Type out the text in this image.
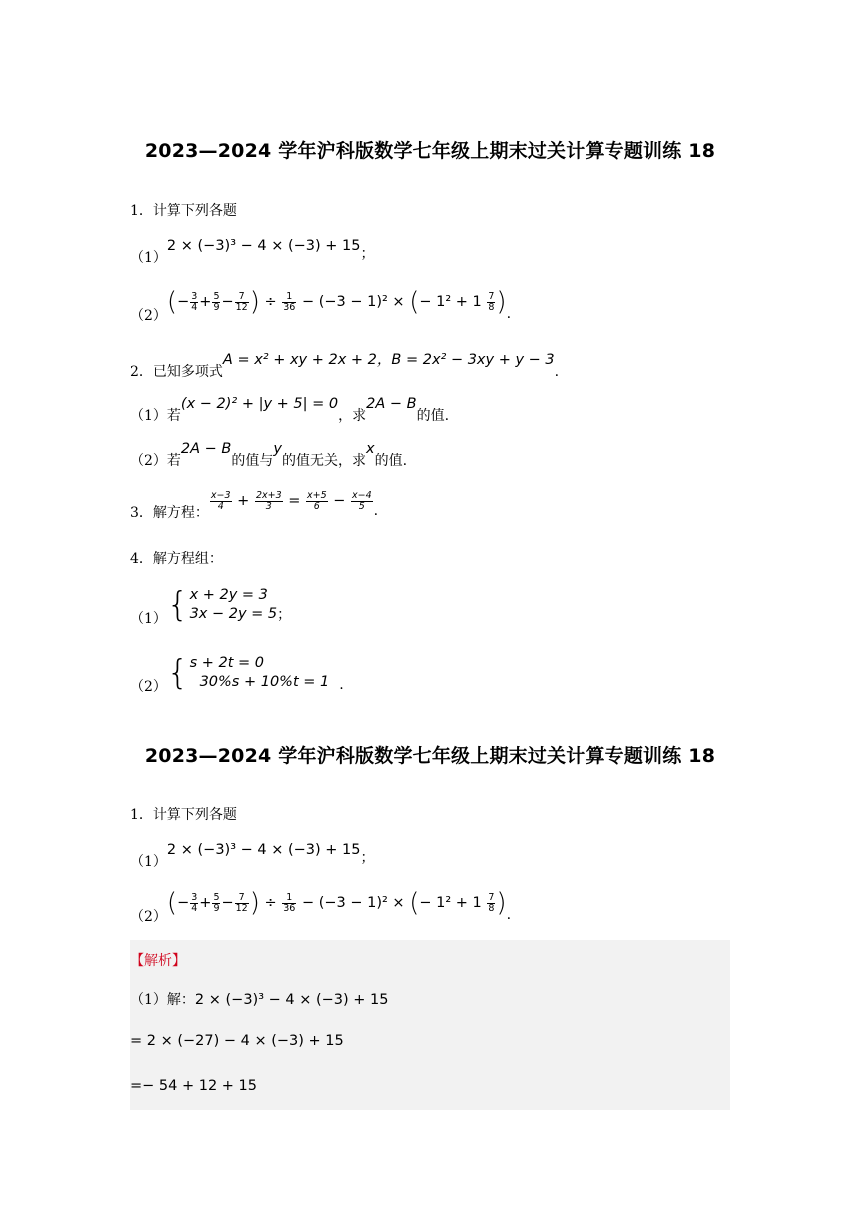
2023—2024 学年沪科版数学七年级上期末过关计算专题训练 18
1．计算下列各题
（1）2 × (−3)³ − 4 × (−3) + 15；
$(2)(- \frac{3}{4} + \frac{5}{9} - \frac{7}{12}$ ) ÷ $\frac{1}{36} - (-3 - 1)^2$ × (− $1^2 + 1 \frac{7}{8}$ ).
2．已知多项式A = x² + xy + 2x + 2，B = 2x² − 3xy + y − 3.
（1）若(x − 2)² + |y + 5| = 0，求2A − B的值.
（2）若2A − B的值与y的值无关，求x的值.
3．解方程：
$\frac{x-3}{4} + \frac{2x+3}{3} = \frac{x+5}{6} - \frac{x-4}{5}$ .
4．解方程组：
（1）{ x + 2y = 3
3x − 2y = 5 ；
（2）{ s + 2t = 0
30%s + 10%t = 1 .
2023—2024 学年沪科版数学七年级上期末过关计算专题训练 18
1．计算下列各题
（1）2 × (−3)³ − 4 × (−3) + 15；
$(2)(- \frac{3}{4} + \frac{5}{9} - \frac{7}{12}$ ) ÷ $\frac{1}{36} - (-3 - 1)^2$ × (− $1^2 + 1 \frac{7}{8}$ ).
【解析】
（1）解：2 × (−3)³ − 4 × (−3) + 15
= 2 × (−27) − 4 × (−3) + 15
=− 54 + 12 + 15
